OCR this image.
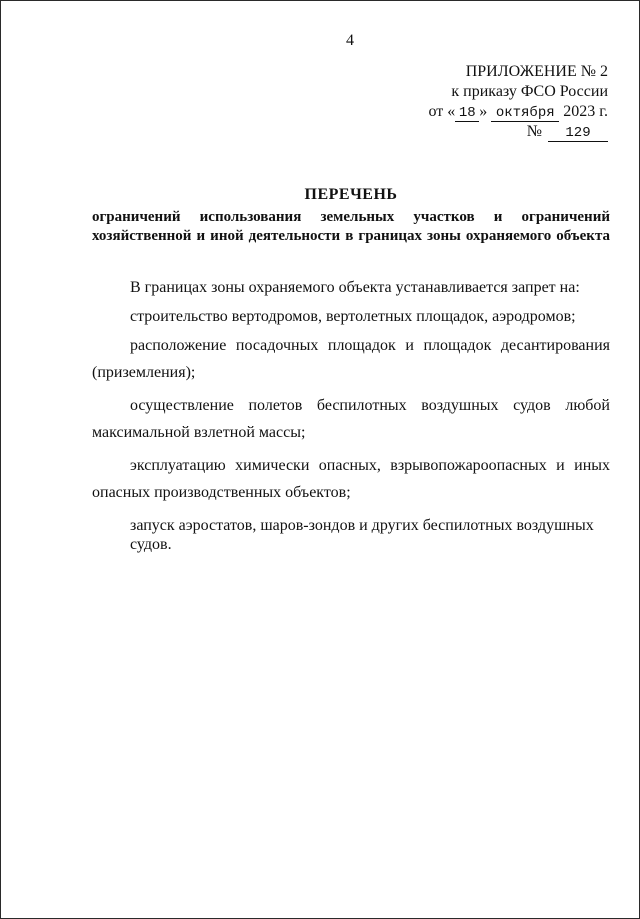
4
ПРИЛОЖЕНИЕ № 2
к приказу ФСО России
от « 18 » октября 2023 г.
№ 129
ПЕРЕЧЕНЬ

ограничений использования земельных участков и ограничений

хозяйственной и иной деятельности в границах зоны охраняемого объекта

В границах зоны охраняемого объекта устанавливается запрет на:

строительство вертодромов, вертолетных площадок, аэродромов;

расположение посадочных площадок и площадок десантирования
(приземления);

осуществление полетов беспилотных воздушных судов любой
максимальной взлетной массы;

эксплуатацию химически опасных, взрывопожароопасных и иных
опасных производственных объектов;

запуск аэростатов, шаров-зондов и других беспилотных воздушных судов.
